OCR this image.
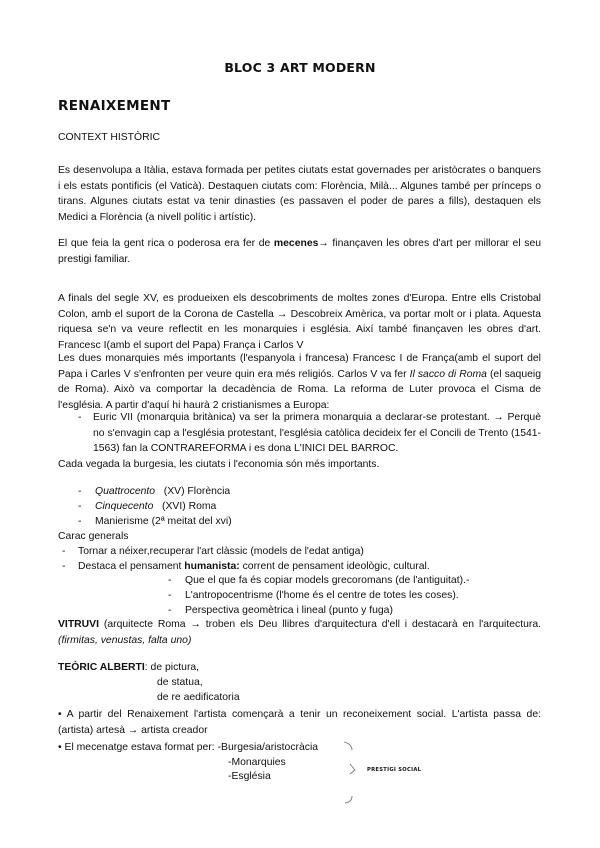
BLOC 3 ART MODERN
RENAIXEMENT
CONTEXT HISTÒRIC

Es desenvolupa a Itàlia, estava formada per petites ciutats estat governades per aristòcrates o banquers i els estats pontificis (el Vaticà). Destaquen ciutats com: Florència, Milà... Algunes també per prínceps o tirans. Algunes ciutats estat va tenir dinasties (es passaven el poder de pares a fills), destaquen els Medici a Florència (a nivell polític i artístic).

El que feia la gent rica o poderosa era fer de mecenes→ finançaven les obres d'art per millorar el seu prestigi familiar.

A finals del segle XV, es produeixen els descobriments de moltes zones d'Europa. Entre ells Cristobal Colon, amb el suport de la Corona de Castella → Descobreix Amèrica, va portar molt or i plata. Aquesta riquesa se'n va veure reflectit en les monarquies i església. Així també finançaven les obres d'art. Francesc I(amb el suport del Papa) França i Carlos V

Les dues monarquies més importants (l'espanyola i francesa) Francesc I de França(amb el suport del Papa i Carles V s'enfronten per veure quin era més religiós. Carlos V va fer Il sacco di Roma (el saqueig de Roma). Això va comportar la decadència de Roma. La reforma de Luter provoca el Cisma de l'església. A partir d'aquí hi haurà 2 cristianismes a Europa:

- Euric VII (monarquia britànica) va ser la primera monarquia a declarar-se protestant. → Perquè no s'envagin cap a l'església protestant, l'església catòlica decideix fer el Concili de Trento (1541-1563) fan la CONTRAREFORMA i es dona L'INICI DEL BARROC.

Cada vegada la burgesia, les ciutats i l'economia són més importants.

- Quattrocento (XV) Florència
- Cinquecento (XVI) Roma
- Manierisme (2ª meitat del xvi)
Carac generals
- Tornar a néixer,recuperar l'art clàssic (models de l'edat antiga)
- Destaca el pensament humanista: corrent de pensament ideològic, cultural.
- Que el que fa és copiar models grecoromans (de l'antiguitat).-
- L'antropocentrisme (l'home és el centre de totes les coses).
- Perspectiva geomètrica i lineal (punto y fuga)

VITRUVI (arquitecte Roma → troben els Deu llibres d'arquitectura d'ell i destacarà en l'arquitectura. (firmitas, venustas, falta uno)

TEÒRIC ALBERTI: de pictura,
de statua,
de re aedificatoria

• A partir del Renaixement l'artista començarà a tenir un reconeixement social. L'artista passa de: (artista) artesà → artista creador

• El mecenatge estava format per: -Burgesia/aristocràcia
-Monarquies
-Església
PRESTIGI SOCIAL
